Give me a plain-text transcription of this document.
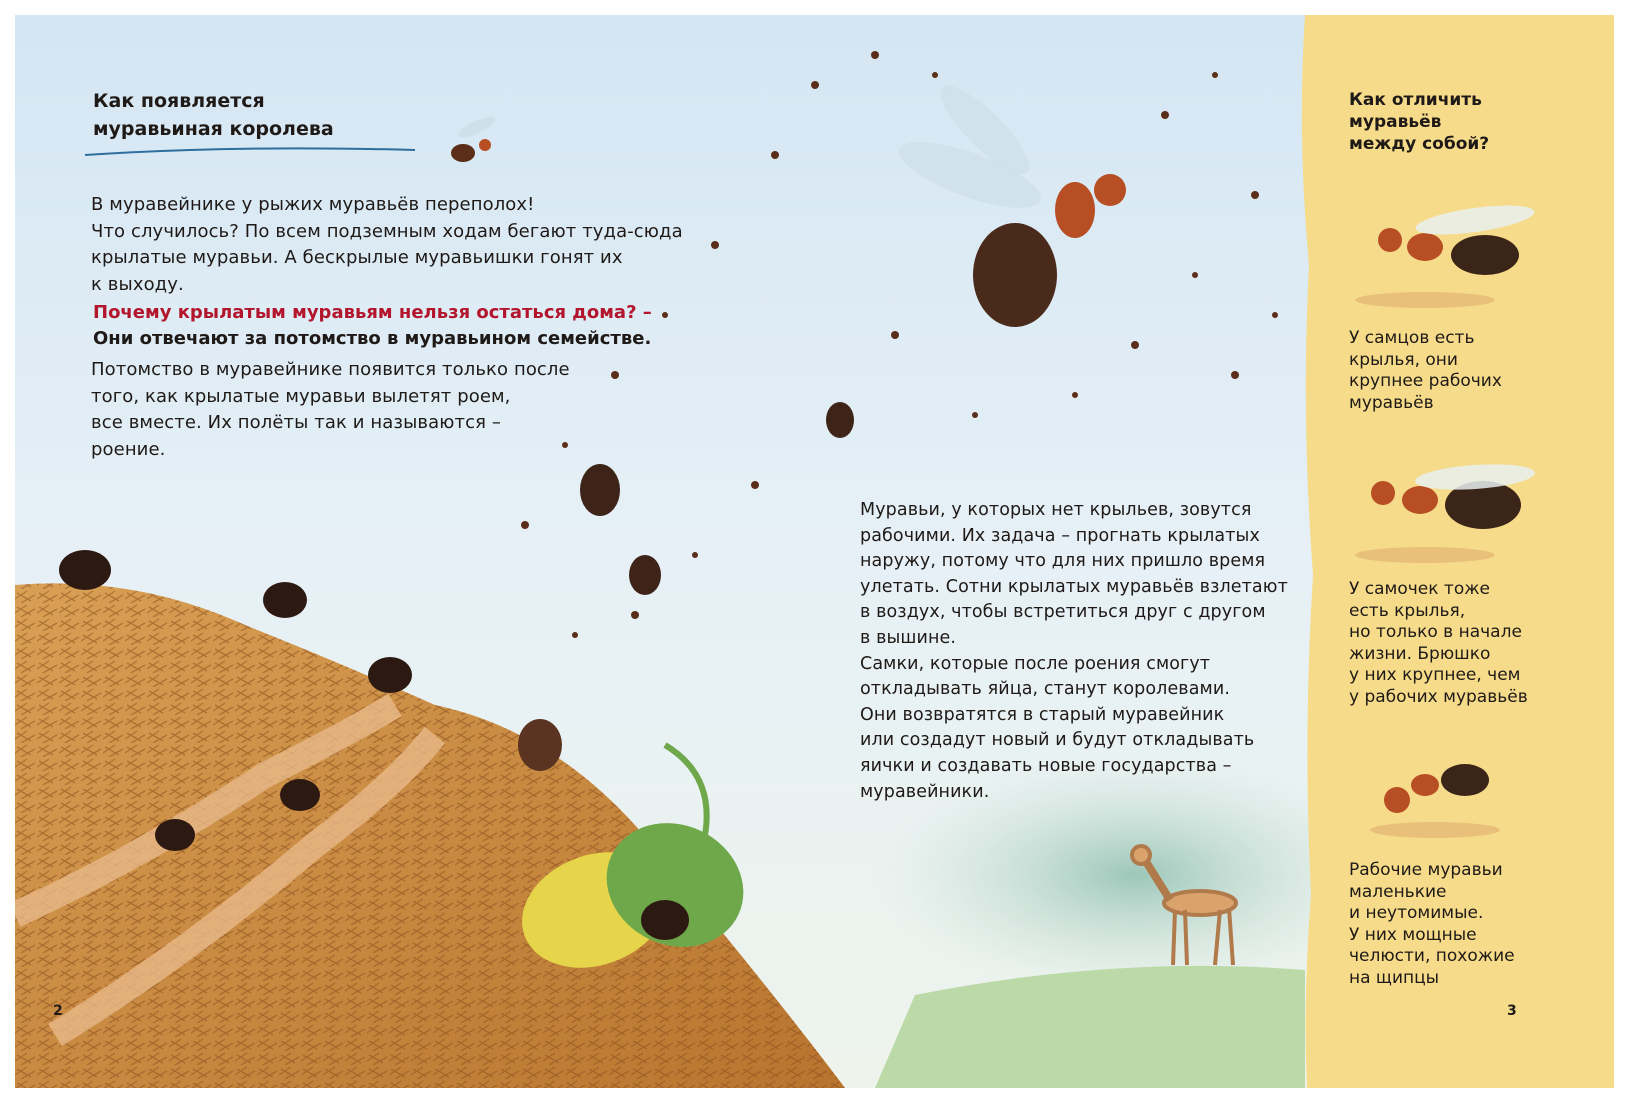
Как появляется
муравьиная королева

В муравейнике у рыжих муравьёв переполох!

Что случилось? По всем подземным ходам бегают туда-сюда

крылатые муравьи. А бескрылые муравьишки гонят их

к выходу.

Почему крылатым муравьям нельзя остаться дома? –
Они отвечают за потомство в муравьином семействе.

Потомство в муравейнике появится только после

того, как крылатые муравьи вылетят роем,

все вместе. Их полёты так и называются –

роение.

Муравьи, у которых нет крыльев, зовутся

рабочими. Их задача – прогнать крылатых

наружу, потому что для них пришло время

улетать. Сотни крылатых муравьёв взлетают

в воздух, чтобы встретиться друг с другом

в вышине.

Самки, которые после роения смогут

откладывать яйца, станут королевами.

Они возвратятся в старый муравейник

или создадут новый и будут откладывать

яички и создавать новые государства –

муравейники.

Как отличить
муравьёв
между собой?
У самцов есть
крылья, они
крупнее рабочих
муравьёв
У самочек тоже
есть крылья,
но только в начале
жизни. Брюшко
у них крупнее, чем
у рабочих муравьёв
Рабочие муравьи
маленькие
и неутомимые.
У них мощные
челюсти, похожие
на щипцы
2	3
